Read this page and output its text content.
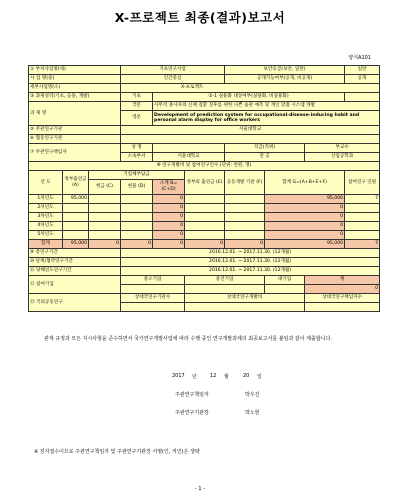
X-프로젝트 최종(결과)보고서
양식A101
① 부처사업명(세)			기초연구사업			보안등급(보안, 일반)			일반
사 업 명(중)			인간중심			공개가능여부(공개, 비공개)			공개
세부사업명(소)			X-프로젝트						
③ 과제성격(기초, 응용, 개발)			기초	②-1 실용화 대상여부(실용화, 비실용화)					
과 제 명			국문	사무직 종사자의 신체 질환 징후를 위한 나쁜 습관 예측 및 개인 맞춤 시스템 개발					
			영문	Development of prediction system for occupational-disease-inducing habit and personal alarm display for office workers					
⑤ 주관연구기관			서울대학교						
⑥ 협동연구기관									
⑦ 주관연구책임자			성 명			직급(직위)		부교수	
			소속부서	서울대학교		전 공		산업공학과	
⑧ 연구개발비 및 참여연구인수 (단위: 천원, 명)									
년 도	정부출연금 (A)	기업체부담금			정부외 출연금 (E)	공동개발 기관 (F)	합계 G=(A+B+E+F)		참여연구 인원
		현금 (C)	현물 (D)	소계 B=(C+D)					
1차년도	95,000			0			95,000		7
2차년도				0			0		
3차년도				0			0		
4차년도				0			0		
5차년도				0			0		
합계	95,000	0	0	0	0	0	95,000		7
⑨ 총연구기간			2016.12.01. ~ 2017.11.30. (12개월)						
⑩ 단계(협약연구기간			2016.12.01. ~ 2017.11.30. (12개월)						
⑪ 당해연도연구기간			2016.12.01. ~ 2017.11.30. (12개월)						
⑫ 참여기업			중소기업		중견기업		대기업	계	
								0	
⑬ 국외공동연구			상대국연구기관수		상대국연구개발비			상대국연구책임자수	

관계 규정과 모든 지시사항을 준수하면서 국가연구개발사업에 따라 수행 중인 연구개발과제의 최종보고서를 붙임과 같이 제출합니다.
2017 년	12 월	20 일
주관연구책임자	박우진
주관연구기관장	박노현
※ 전자접수이므로 주관연구책임자 및 주관연구기관장 서명(인, 직인)은 생략
- 1 -
